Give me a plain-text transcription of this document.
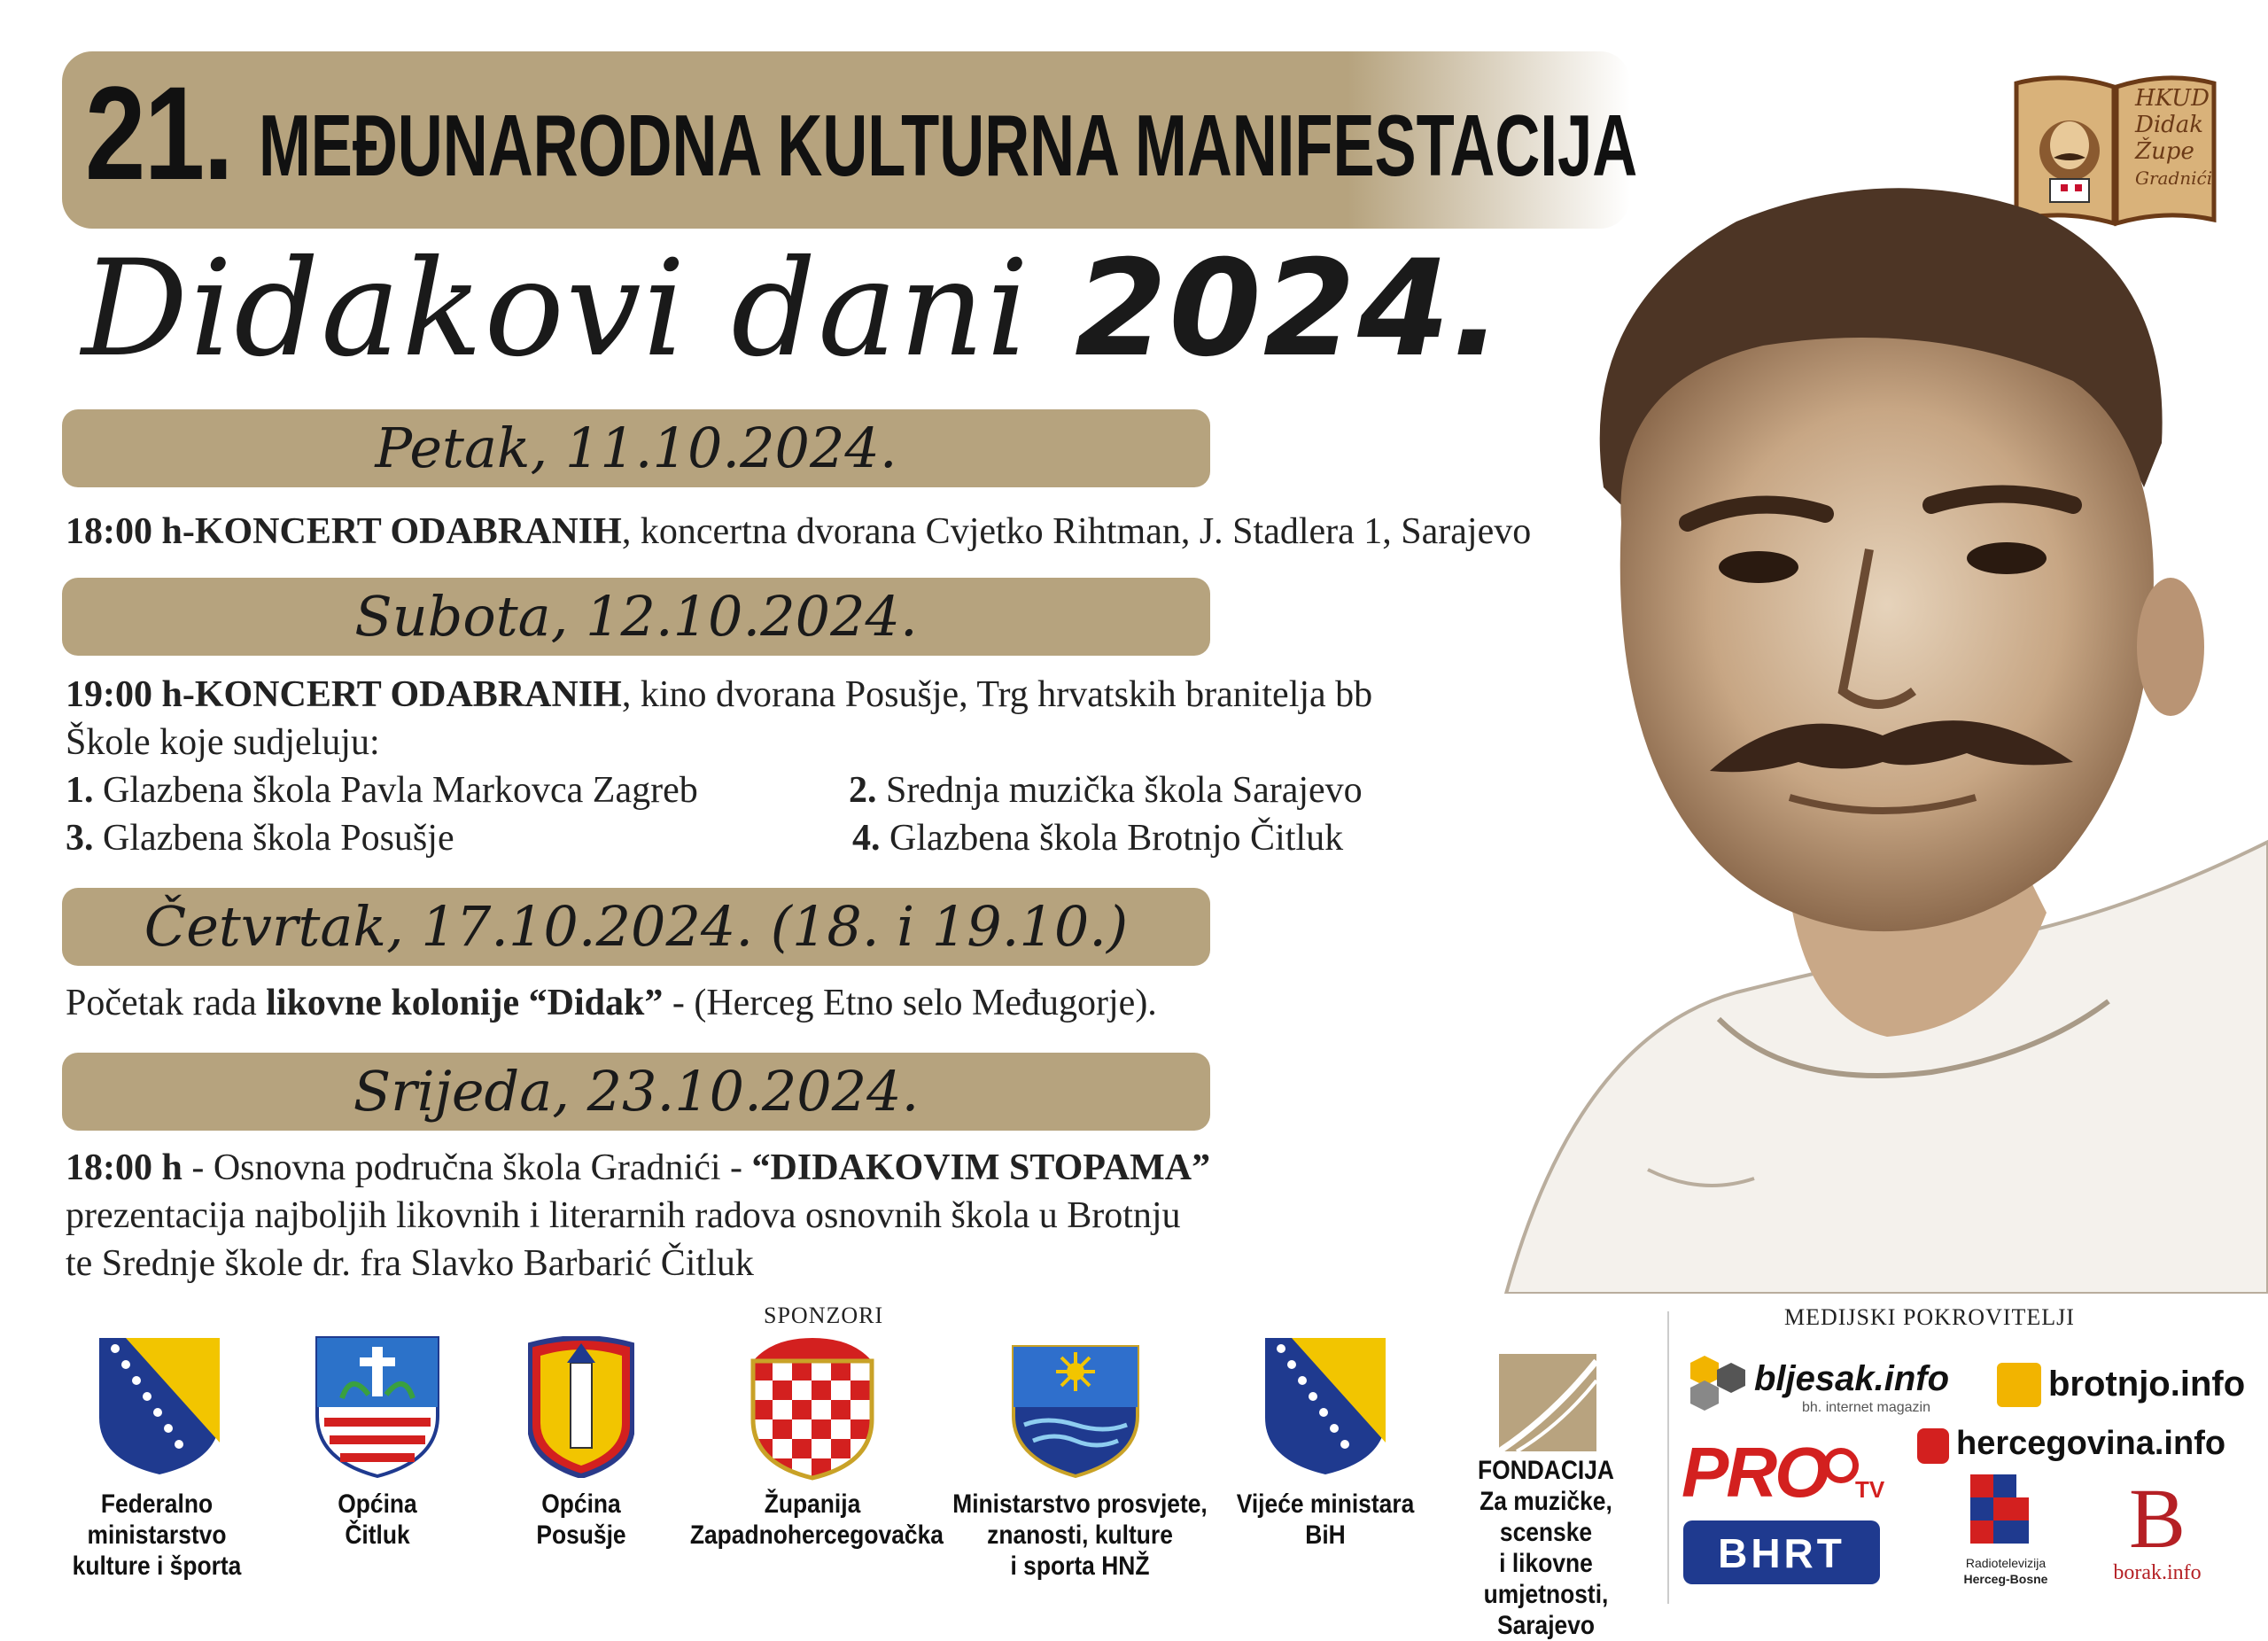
21. MEĐUNARODNA KULTURNA MANIFESTACIJA
Didakovi dani 2024.
HKUD
Didak
Župe
Gradnići
Petak, 11.10.2024.
18:00 h-KONCERT ODABRANIH, koncertna dvorana Cvjetko Rihtman, J. Stadlera 1, Sarajevo
Subota, 12.10.2024.
19:00 h-KONCERT ODABRANIH, kino dvorana Posušje, Trg hrvatskih branitelja bb
Škole koje sudjeluju:
1. Glazbena škola Pavla Markovca Zagreb	2. Srednja muzička škola Sarajevo
3. Glazbena škola Posušje	4. Glazbena škola Brotnjo Čitluk
Četvrtak, 17.10.2024. (18. i 19.10.)
Početak rada likovne kolonije “Didak” - (Herceg Etno selo Međugorje).
Srijeda, 23.10.2024.
18:00 h - Osnovna područna škola Gradnići - “DIDAKOVIM STOPAMA”
prezentacija najboljih likovnih i literarnih radova osnovnih škola u Brotnju
te Srednje škole dr. fra Slavko Barbarić Čitluk
SPONZORI
Federalno
ministarstvo
kulture i športa
Općina
Čitluk
Općina
Posušje
Županija
Zapadnohercegovačka
Ministarstvo prosvjete,
znanosti, kulture
i sporta HNŽ
Vijeće ministara
BiH
FONDACIJA
Za muzičke, scenske
i likovne umjetnosti,
Sarajevo
MEDIJSKI POKROVITELJI
bljesak.info
bh. internet magazin
brotnjo.info
hercegovina.info
PRO TV
BHRT	Radiotelevizija
Herceg-Bosne
B
borak.info
